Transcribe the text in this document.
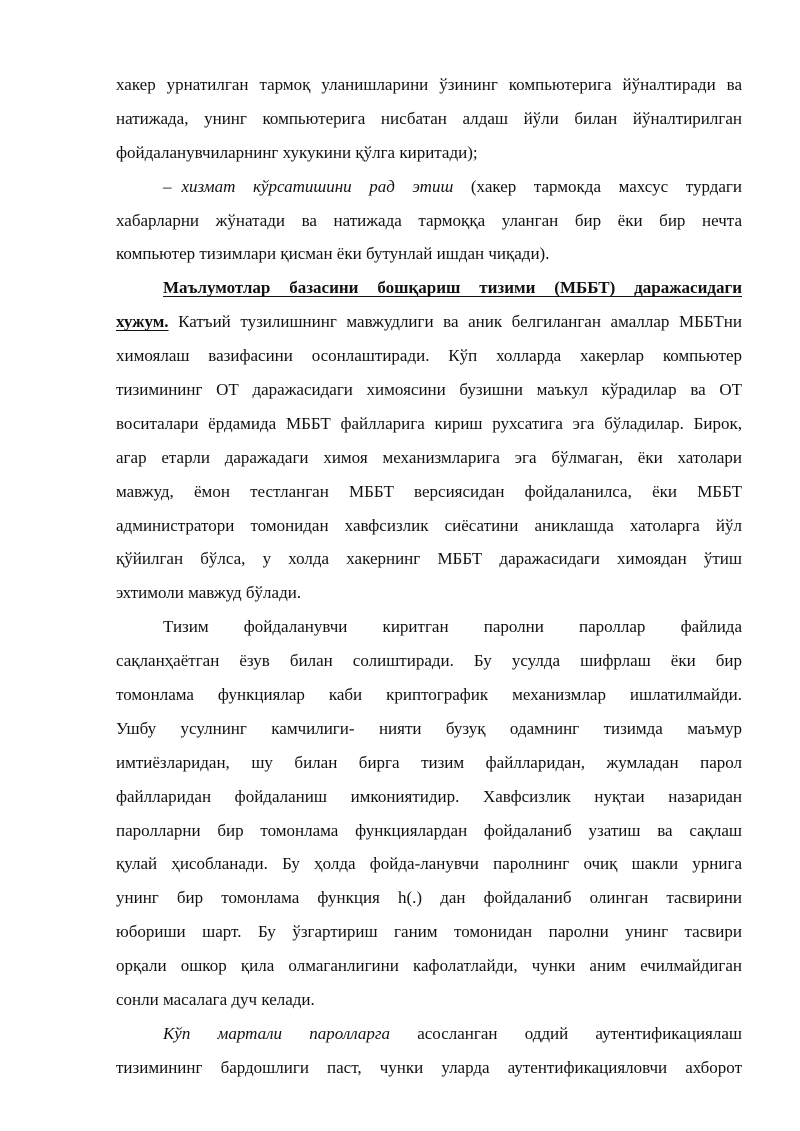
хакер урнатилган тармоқ уланишларини ўзининг компьютерига йўналтиради ва
натижада, унинг компьютерига нисбатан алдаш йўли билан йўналтирилган
фойдаланувчиларнинг хукукини қўлга киритади);
– хизмат кўрсатишини рад этиш (хакер тармокда махсус турдаги
хабарларни жўнатади ва натижада тармоққа уланган бир ёки бир нечта
компьютер тизимлари қисман ёки бутунлай ишдан чиқади).
Маълумотлар базасини бошқариш тизими (МББТ) даражасидаги
хужум. Катъий тузилишнинг мавжудлиги ва аник белгиланган амаллар МББТни
химоялаш вазифасини осонлаштиради. Кўп холларда хакерлар компьютер
тизимининг ОТ даражасидаги химоясини бузишни маъкул кўрадилар ва ОТ
воситалари ёрдамида МББТ файлларига кириш рухсатига эга бўладилар. Бирок,
агар етарли даражадаги химоя механизмларига эга бўлмаган, ёки хатолари
мавжуд, ёмон тестланган МББТ версиясидан фойдаланилса, ёки МББТ
администратори томонидан хавфсизлик сиёсатини аниклашда хатоларга йўл
қўйилган бўлса, у холда хакернинг МББТ даражасидаги химоядан ўтиш
эхтимоли мавжуд бўлади.
Тизим фойдаланувчи киритган паролни пароллар файлида
сақланҳаётган ёзув билан солиштиради. Бу усулда шифрлаш ёки бир
томонлама функциялар каби криптографик механизмлар ишлатилмайди.
Ушбу усулнинг камчилиги- нияти бузуқ одамнинг тизимда маъмур
имтиёзларидан, шу билан бирга тизим файлларидан, жумладан парол
файлларидан фойдаланиш имкониятидир. Хавфсизлик нуқтаи назаридан
паролларни бир томонлама функциялардан фойдаланиб узатиш ва сақлаш
қулай ҳисобланади. Бу ҳолда фойда-ланувчи паролнинг очиқ шакли урнига
унинг бир томонлама функция h(.) дан фойдаланиб олинган тасвирини
юбориши шарт. Бу ўзгартириш ганим томонидан паролни унинг тасвири
орқали ошкор қила олмаганлигини кафолатлайди, чунки аним ечилмайдиган
сонли масалага дуч келади.
Кўп мартали паролларга асосланган оддий аутентификациялаш
тизимининг бардошлиги паст, чунки уларда аутентификацияловчи ахборот
